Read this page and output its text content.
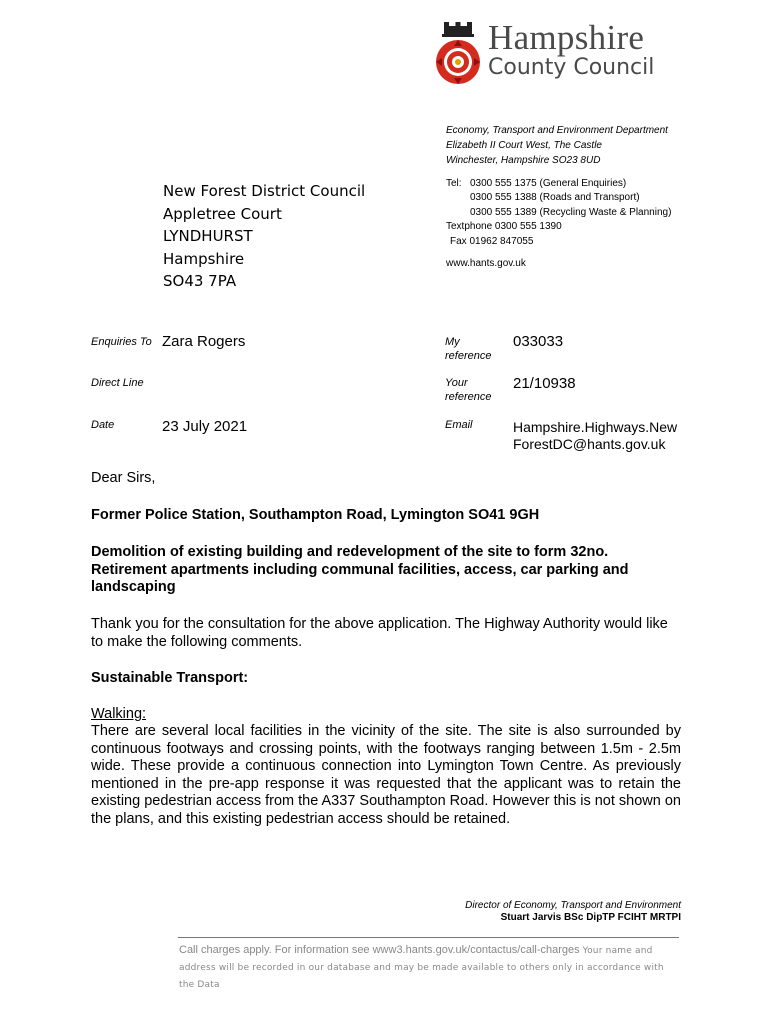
Hampshire
County Council
Economy, Transport and Environment Department
Elizabeth II Court West, The Castle
Winchester, Hampshire SO23 8UD
Tel: 0300 555 1375 (General Enquiries)
0300 555 1388 (Roads and Transport)
0300 555 1389 (Recycling Waste & Planning)
Textphone 0300 555 1390
Fax 01962 847055
www.hants.gov.uk
New Forest District Council
Appletree Court
LYNDHURST
Hampshire
SO43 7PA
Enquiries To Zara Rogers
Direct Line
Date	23 July 2021
My
reference
033033
Your
reference
21/10938
Email	Hampshire.Highways.New
ForestDC@hants.gov.uk
Dear Sirs,
Former Police Station, Southampton Road, Lymington SO41 9GH
Demolition of existing building and redevelopment of the site to form 32no. Retirement apartments including communal facilities, access, car parking and landscaping
Thank you for the consultation for the above application. The Highway Authority would like to make the following comments.
Sustainable Transport:
Walking:
There are several local facilities in the vicinity of the site. The site is also surrounded by continuous footways and crossing points, with the footways ranging between 1.5m - 2.5m wide. These provide a continuous connection into Lymington Town Centre. As previously mentioned in the pre-app response it was requested that the applicant was to retain the existing pedestrian access from the A337 Southampton Road. However this is not shown on the plans, and this existing pedestrian access should be retained.
Director of Economy, Transport and Environment
Stuart Jarvis BSc DipTP FCIHT MRTPI
Call charges apply. For information see www3.hants.gov.uk/contactus/call-charges Your name and address will be recorded in our database and may be made available to others only in accordance with the Data
